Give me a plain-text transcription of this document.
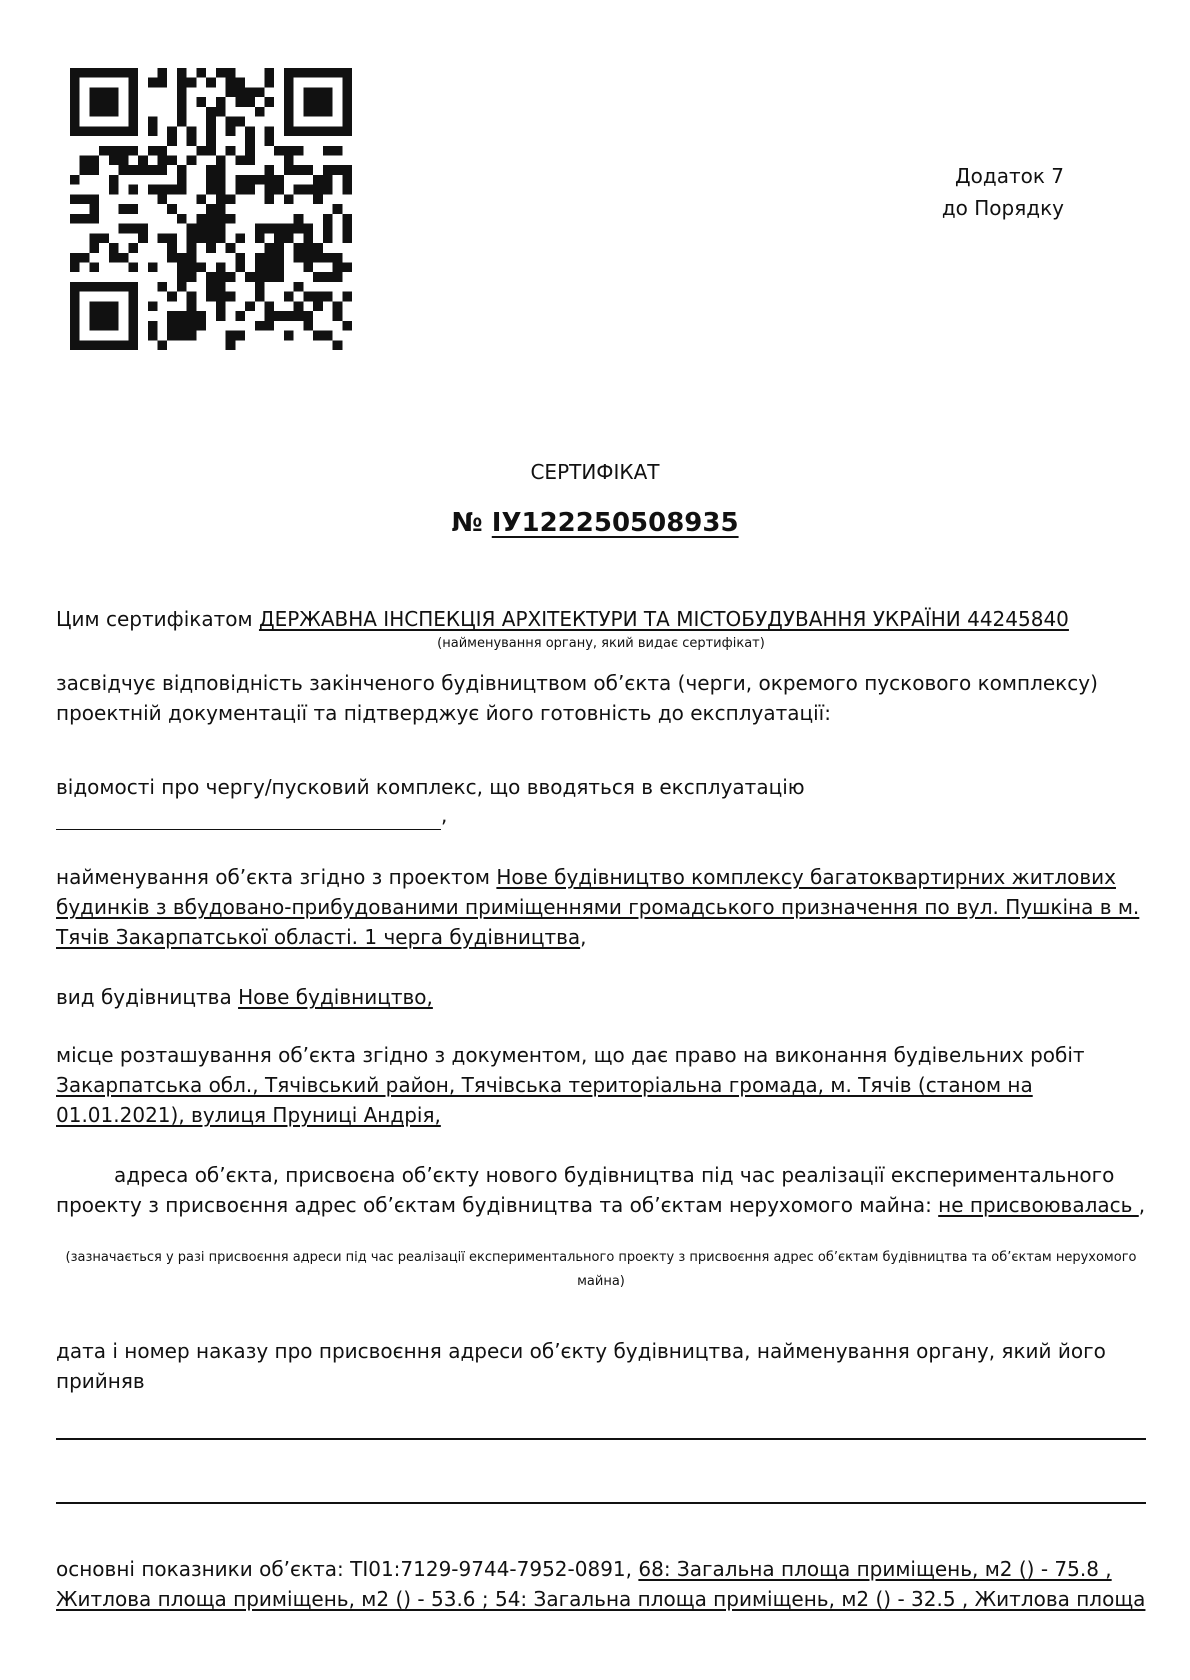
Додаток 7
до Порядку
СЕРТИФІКАТ
№ ІУ122250508935

Цим сертифікатом ДЕРЖАВНА ІНСПЕКЦІЯ АРХІТЕКТУРИ ТА МІСТОБУДУВАННЯ УКРАЇНИ 44245840

(найменування органу, який видає сертифікат)

засвідчує відповідність закінченого будівництвом об’єкта (черги, окремого пускового комплексу) проектній документації та підтверджує його готовність до експлуатації:

відомості про чергу/пусковий комплекс, що вводяться в експлуатацію

,

найменування об’єкта згідно з проектом Нове будівництво комплексу багатоквартирних житлових будинків з вбудовано-прибудованими приміщеннями громадського призначення по вул. Пушкіна в м. Тячів Закарпатської області. 1 черга будівництва,

вид будівництва Нове будівництво,

місце розташування об’єкта згідно з документом, що дає право на виконання будівельних робіт Закарпатська обл., Тячівський район, Тячівська територіальна громада, м. Тячів (станом на 01.01.2021), вулиця Пруниці Андрія,

адреса об’єкта, присвоєна об’єкту нового будівництва під час реалізації експериментального проекту з присвоєння адрес об’єктам будівництва та об’єктам нерухомого майна: не присвоювалась ,

(зазначається у разі присвоєння адреси під час реалізації експериментального проекту з присвоєння адрес об’єктам будівництва та об’єктам нерухомого майна)

дата і номер наказу про присвоєння адреси об’єкту будівництва, найменування органу, який його прийняв

основні показники об’єкта: ТІ01:7129-9744-7952-0891, 68: Загальна площа приміщень, м2 () - 75.8 , Житлова площа приміщень, м2 () - 53.6 ; 54: Загальна площа приміщень, м2 () - 32.5 , Житлова площа
